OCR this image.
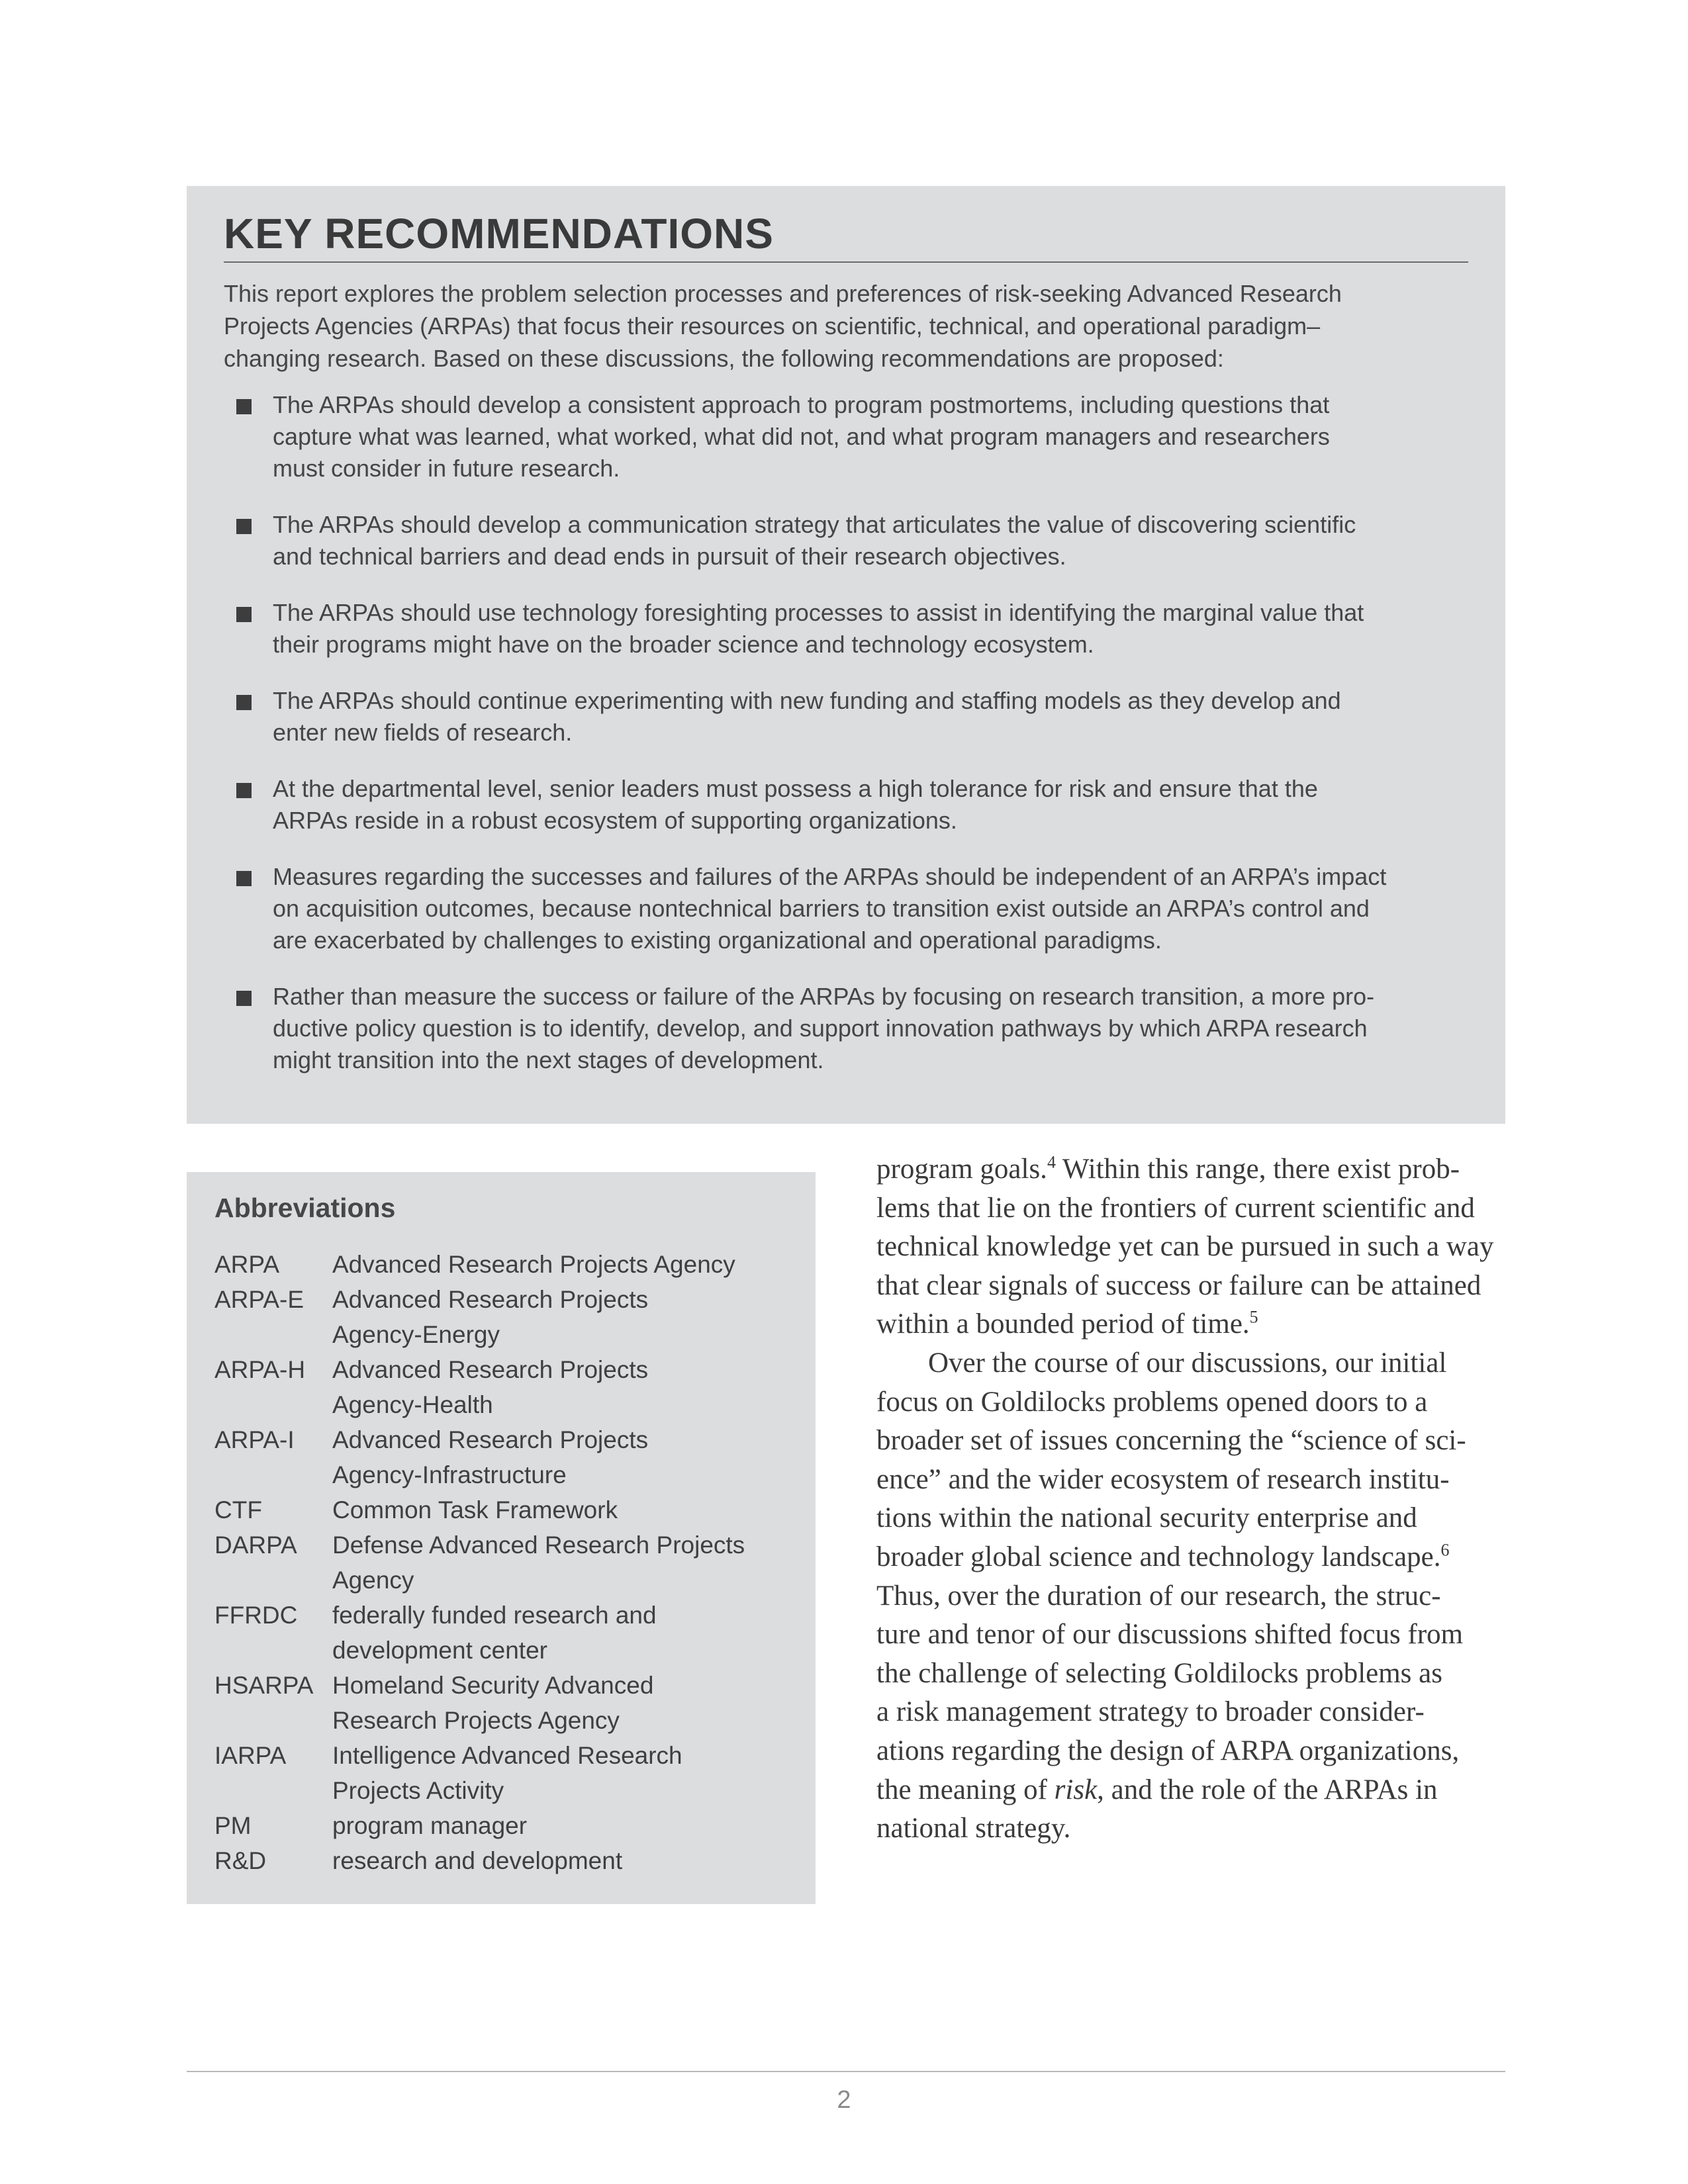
KEY RECOMMENDATIONS

This report explores the problem selection processes and preferences of risk-seeking Advanced Research
Projects Agencies (ARPAs) that focus their resources on scientific, technical, and operational paradigm–
changing research. Based on these discussions, the following recommendations are proposed:

The ARPAs should develop a consistent approach to program postmortems, including questions that
capture what was learned, what worked, what did not, and what program managers and researchers
must consider in future research.
The ARPAs should develop a communication strategy that articulates the value of discovering scientific
and technical barriers and dead ends in pursuit of their research objectives.
The ARPAs should use technology foresighting processes to assist in identifying the marginal value that
their programs might have on the broader science and technology ecosystem.
The ARPAs should continue experimenting with new funding and staffing models as they develop and
enter new fields of research.
At the departmental level, senior leaders must possess a high tolerance for risk and ensure that the
ARPAs reside in a robust ecosystem of supporting organizations.
Measures regarding the successes and failures of the ARPAs should be independent of an ARPA’s impact
on acquisition outcomes, because nontechnical barriers to transition exist outside an ARPA’s control and
are exacerbated by challenges to existing organizational and operational paradigms.
Rather than measure the success or failure of the ARPAs by focusing on research transition, a more pro-
ductive policy question is to identify, develop, and support innovation pathways by which ARPA research
might transition into the next stages of development.
Abbreviations
ARPA	Advanced Research Projects Agency
ARPA-E	Advanced Research Projects
Agency-Energy
ARPA-H	Advanced Research Projects
Agency-Health
ARPA-I	Advanced Research Projects
Agency-Infrastructure
CTF	Common Task Framework
DARPA	Defense Advanced Research Projects
Agency
FFRDC	federally funded research and
development center
HSARPA Homeland Security Advanced
Research Projects Agency
IARPA	Intelligence Advanced Research
Projects Activity
PM	program manager
R&D	research and development

program goals.$^4$ Within this range, there exist prob-
lems that lie on the frontiers of current scientific and
technical knowledge yet can be pursued in such a way
that clear signals of success or failure can be attained
within a bounded period of time.$^5$

Over the course of our discussions, our initial
focus on Goldilocks problems opened doors to a
broader set of issues concerning the “science of sci-
ence” and the wider ecosystem of research institu-
tions within the national security enterprise and
broader global science and technology landscape.$^6$
Thus, over the duration of our research, the struc-
ture and tenor of our discussions shifted focus from
the challenge of selecting Goldilocks problems as
a risk management strategy to broader consider-
ations regarding the design of ARPA organizations,
the meaning of risk, and the role of the ARPAs in
national strategy.

2
